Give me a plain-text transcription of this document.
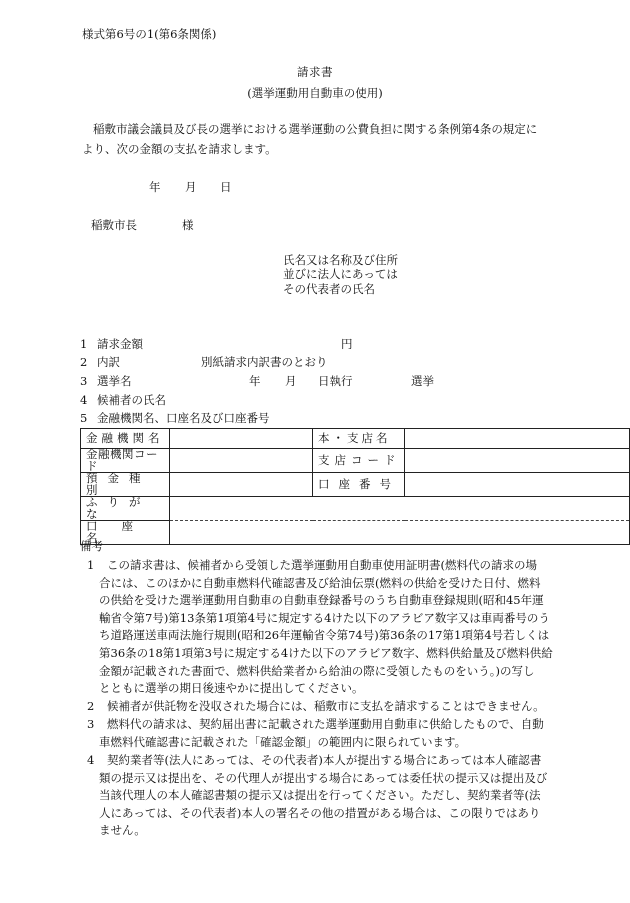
様式第6号の1(第6条関係)
請求書
(選挙運動用自動車の使用)
稲敷市議会議員及び長の選挙における選挙運動の公費負担に関する条例第4条の規定に
より、次の金額の支払を請求します。
年 月 日
稲敷市長	様
氏名又は名称及び住所
並びに法人にあっては
その代表者の氏名
1 請求金額	円
2 内訳	別紙請求内訳書のとおり
3 選挙名	年 月 日執行	選挙
4 候補者の氏名
5 金融機関名、口座名及び口座番号
金融機関名		本・支店名	
金融機関コード		支店コード	
預金種別		口座番号	
ふりがな			
口座名			
備考
1	この請求書は、候補者から受領した選挙運動用自動車使用証明書(燃料代の請求の場
合には、このほかに自動車燃料代確認書及び給油伝票(燃料の供給を受けた日付、燃料
の供給を受けた選挙運動用自動車の自動車登録番号のうち自動車登録規則(昭和45年運
輸省令第7号)第13条第1項第4号に規定する4けた以下のアラビア数字又は車両番号のう
ち道路運送車両法施行規則(昭和26年運輸省令第74号)第36条の17第1項第4号若しくは
第36条の18第1項第3号に規定する4けた以下のアラビア数字、燃料供給量及び燃料供給
金額が記載された書面で、燃料供給業者から給油の際に受領したものをいう。)の写し
とともに選挙の期日後速やかに提出してください。
2	候補者が供託物を没収された場合には、稲敷市に支払を請求することはできません。
3	燃料代の請求は、契約届出書に記載された選挙運動用自動車に供給したもので、自動
車燃料代確認書に記載された「確認金額」の範囲内に限られています。
4	契約業者等(法人にあっては、その代表者)本人が提出する場合にあっては本人確認書
類の提示又は提出を、その代理人が提出する場合にあっては委任状の提示又は提出及び
当該代理人の本人確認書類の提示又は提出を行ってください。ただし、契約業者等(法
人にあっては、その代表者)本人の署名その他の措置がある場合は、この限りではあり
ません。
